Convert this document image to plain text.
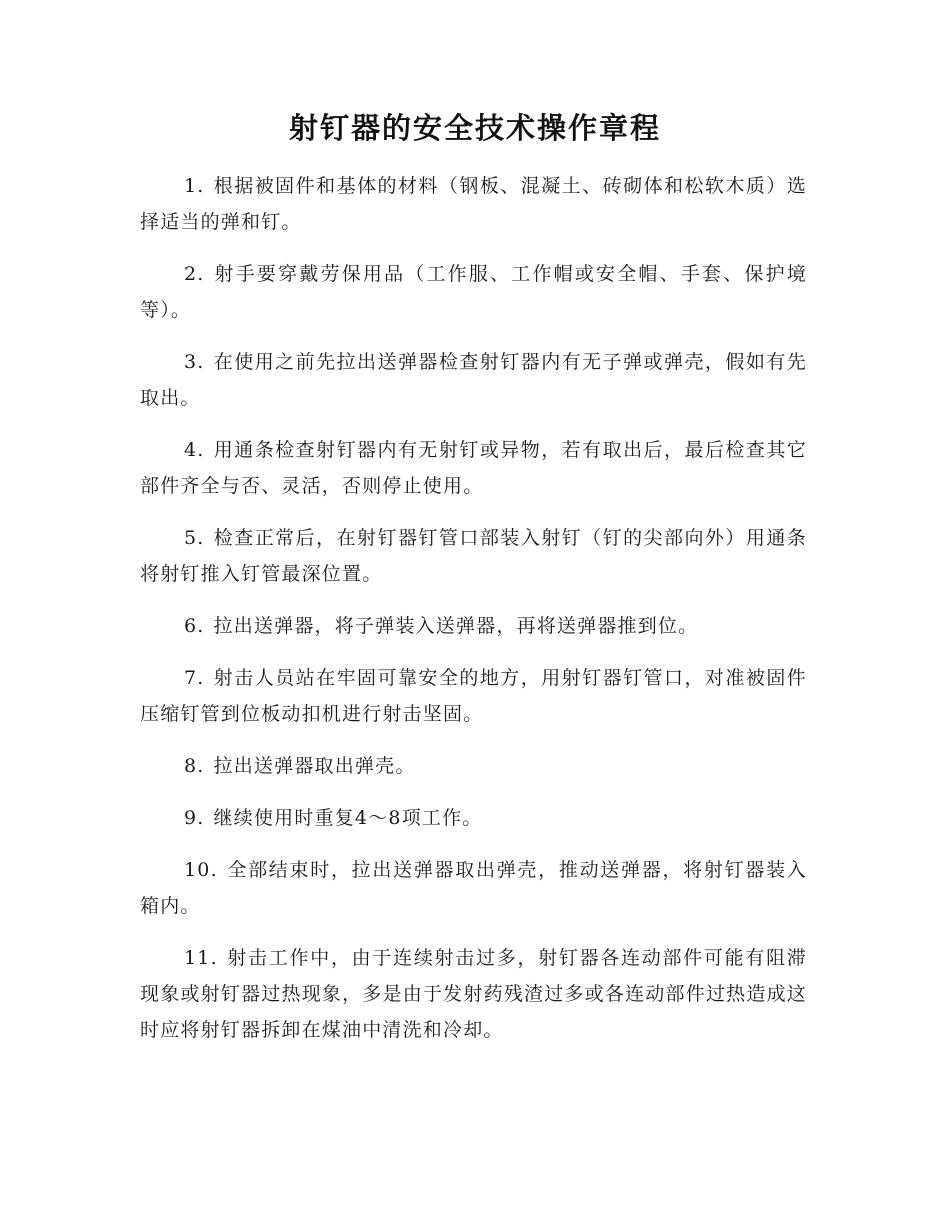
射钉器的安全技术操作章程

1. 根据被固件和基体的材料（钢板、混凝土、砖砌体和松软木质）选择适当的弹和钉。

2. 射手要穿戴劳保用品（工作服、工作帽或安全帽、手套、保护境等）。

3. 在使用之前先拉出送弹器检查射钉器内有无子弹或弹壳，假如有先取出。

4. 用通条检查射钉器内有无射钉或异物，若有取出后，最后检查其它部件齐全与否、灵活，否则停止使用。

5. 检查正常后，在射钉器钉管口部装入射钉（钉的尖部向外）用通条将射钉推入钉管最深位置。

6. 拉出送弹器，将子弹装入送弹器，再将送弹器推到位。

7. 射击人员站在牢固可靠安全的地方，用射钉器钉管口，对准被固件压缩钉管到位板动扣机进行射击坚固。

8. 拉出送弹器取出弹壳。

9. 继续使用时重复4～8项工作。

10. 全部结束时，拉出送弹器取出弹壳，推动送弹器，将射钉器装入箱内。

11. 射击工作中，由于连续射击过多，射钉器各连动部件可能有阻滞现象或射钉器过热现象，多是由于发射药残渣过多或各连动部件过热造成这时应将射钉器拆卸在煤油中清洗和冷却。
